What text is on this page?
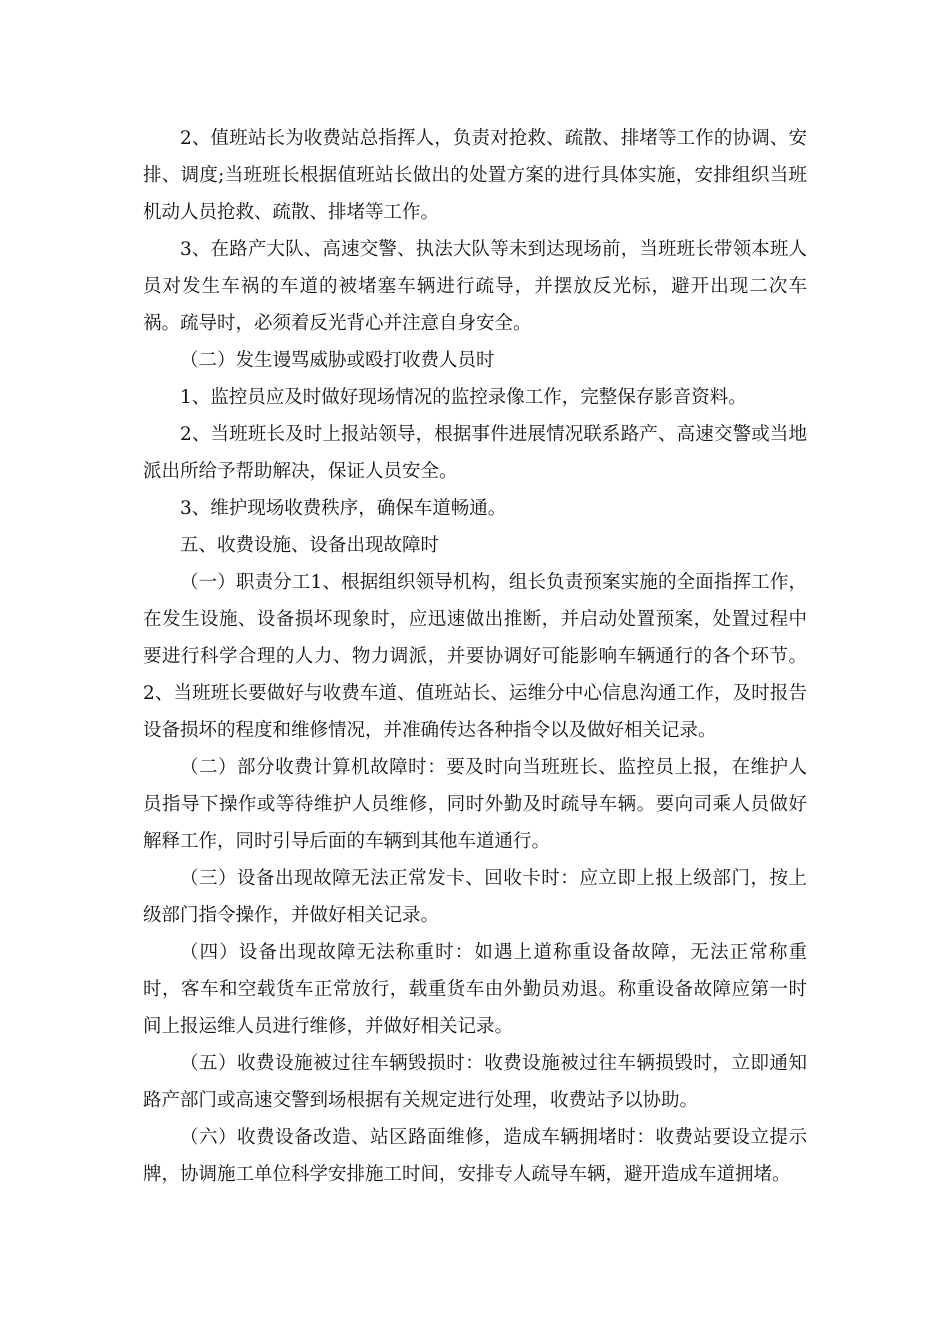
2、值班站长为收费站总指挥人，负责对抢救、疏散、排堵等工作的协调、安排、调度;当班班长根据值班站长做出的处置方案的进行具体实施，安排组织当班机动人员抢救、疏散、排堵等工作。

3、在路产大队、高速交警、执法大队等未到达现场前，当班班长带领本班人员对发生车祸的车道的被堵塞车辆进行疏导，并摆放反光标，避开出现二次车祸。疏导时，必须着反光背心并注意自身安全。

（二）发生谩骂威胁或殴打收费人员时

1、监控员应及时做好现场情况的监控录像工作，完整保存影音资料。

2、当班班长及时上报站领导，根据事件进展情况联系路产、高速交警或当地派出所给予帮助解决，保证人员安全。

3、维护现场收费秩序，确保车道畅通。

五、收费设施、设备出现故障时

（一）职责分工1、根据组织领导机构，组长负责预案实施的全面指挥工作，在发生设施、设备损坏现象时，应迅速做出推断，并启动处置预案，处置过程中要进行科学合理的人力、物力调派，并要协调好可能影响车辆通行的各个环节。2、当班班长要做好与收费车道、值班站长、运维分中心信息沟通工作，及时报告设备损坏的程度和维修情况，并准确传达各种指令以及做好相关记录。

（二）部分收费计算机故障时：要及时向当班班长、监控员上报，在维护人员指导下操作或等待维护人员维修，同时外勤及时疏导车辆。要向司乘人员做好解释工作，同时引导后面的车辆到其他车道通行。

（三）设备出现故障无法正常发卡、回收卡时：应立即上报上级部门，按上级部门指令操作，并做好相关记录。

（四）设备出现故障无法称重时：如遇上道称重设备故障，无法正常称重时，客车和空载货车正常放行，载重货车由外勤员劝退。称重设备故障应第一时间上报运维人员进行维修，并做好相关记录。

（五）收费设施被过往车辆毁损时：收费设施被过往车辆损毁时，立即通知路产部门或高速交警到场根据有关规定进行处理，收费站予以协助。

（六）收费设备改造、站区路面维修，造成车辆拥堵时：收费站要设立提示牌，协调施工单位科学安排施工时间，安排专人疏导车辆，避开造成车道拥堵。
